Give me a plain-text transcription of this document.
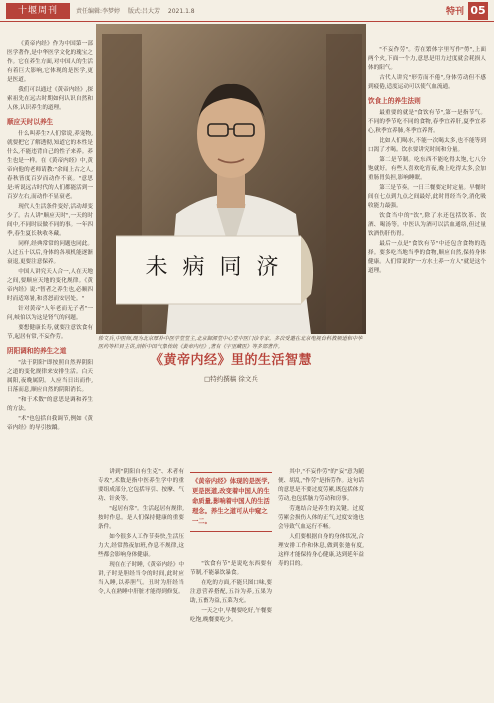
十堰周刊	责任编辑:李梦婷 版式:吕大芳 2021.1.8	特刊 05

《黄帝内经》作为中国第一部医学著作,是中华医学文化的瑰宝之作。它在养生方面,对中国人的生活有着巨大影响,它体现的是医学,更是医道。

我们可以通过《黄帝内经》,探索祖先在远古时期如何认识自然和人体,认识养生的道理。

顺应天时以养生

什么叫养生?人们常说,养宠物,就要把它了解透彻,知道它的本性是什么,不能违背自己的性子来养。养生也是一样。在《黄帝内经》中,黄帝向他的老师请教:"余闻上古之人,春秋皆度百岁而动作不衰。"意思是:听说远古时代的人们都能活到一百岁左右,而动作不显衰老。

现代人生活条件变好,活动却变少了。古人讲"顺应天时",一天的时间中,不同时辰做不同的事。一年四季,春生夏长秋收冬藏。

同样,经典常常的问题也同此。人过五十以后,身体的各项机能逐渐衰退,更要注意保养。

中国人讲究天人合一,人在天地之间,要顺应天地的变化规律。《黄帝内经》说:"智者之养生也,必顺四时而适寒暑,和喜怒而安居处。"

针对黄帝"人年老而无子者"一问,岐伯以为这是肾气的问题。

要想健康长寿,就要注意饮食有节,起居有常,不妄作劳。

阴阳调和的养生之道

"法于阴阳"即按照自然界阴阳之道的变化规律来安排生活。白天属阳,夜晚属阴。人应当日出而作,日落而息,顺应自然的阴阳消长。

"和于术数"的意思是调和养生的方法。

"术"也包括自我调节,例如《黄帝内经》的导引按蹻。

未 病 同 济
徐文兵,中医师,现为北京厚朴中医学堂堂主,北京御源堂中心堂中医门诊专家。多次受邀在北京电视台科教频道和中华医药等栏目主讲,剖析中国气象传统《黄帝内经》,著有《字里藏医》等多部著作。
《黄帝内经》里的生活智慧
□特约撰稿 徐文兵

讲到"阴阳自有生克"、术者有专攻",术数是指中医养生学中的重要组成部分,它包括导引、按摩、气功、针灸等。

"起居有常"。生活起居有规律,按时作息。是人们保持健康的重要条件。

如今很多人工作节奏快,生活压力大,经常熬夜加班,作息不规律,这些都会影响身体健康。

现在在子时睡,《黄帝内经》中讲,子时是胆经当令的时间,此时应当入睡,以养胆气。丑时为肝经当令,人在熟睡中肝脏才能得到修复。

"饮食有节"是说吃东西要有节制,不能暴饮暴食。

在吃的方面,不能只图口味,要注意营养搭配,五谷为养,五果为助,五畜为益,五菜为充。

一天之中,早餐要吃好,午餐要吃饱,晚餐要吃少。

《黄帝内经》体现的是医学,更是医道,改变着中国人的生命质量,影响着中国人的生活理念。养生之道可从中窥之一二。

其中,"不妄作劳"的"妄"意为随便、胡乱,"作劳"是指劳作。这句话的意思是不要过度劳累,既包括体力劳动,也包括脑力劳动和房事。

劳逸结合是养生的关键。过度劳累会损伤人体的正气,过度安逸也会导致气血运行不畅。

人们要根据自身的身体状况,合理安排工作和休息,做到张弛有度,这样才能保持身心健康,达到延年益寿的目的。

"不妄作劳"。劳在繁体字里写作"勞",上面两个火,下面一个力,意思是用力过度就会耗损人体的阳气。

古代人讲究"形劳而不倦",身体劳动但不感到疲倦,适度运动可以使气血流通。

饮食上的养生法则

最重要的就是"食饮有节",第一是指节气。不同的季节吃不同的食物,春季宜养肝,夏季宜养心,秋季宜养肺,冬季宜养肾。

比如人们喝水,不能一次喝太多,也不能等到口渴了才喝。饮水要讲究时间和分量。

第二是节制。吃东西不能吃得太饱,七八分饱就好。有些人喜欢吃宵夜,晚上吃得太多,会加重肠胃负担,影响睡眠。

第三是节奏。一日三餐要定时定量。早餐时间在七点到九点之间最好,此时胃经当令,消化吸收能力最强。

饮食当中的"饮",除了水还包括饮茶、饮酒、喝汤等。中医认为酒可以活血通络,但过量饮酒伤肝伤胃。

最后一点是"食饮有节"中还包含食物的选择。要多吃当地当季的食物,顺应自然,保持身体健康。人们常说的"一方水土养一方人"就是这个道理。
